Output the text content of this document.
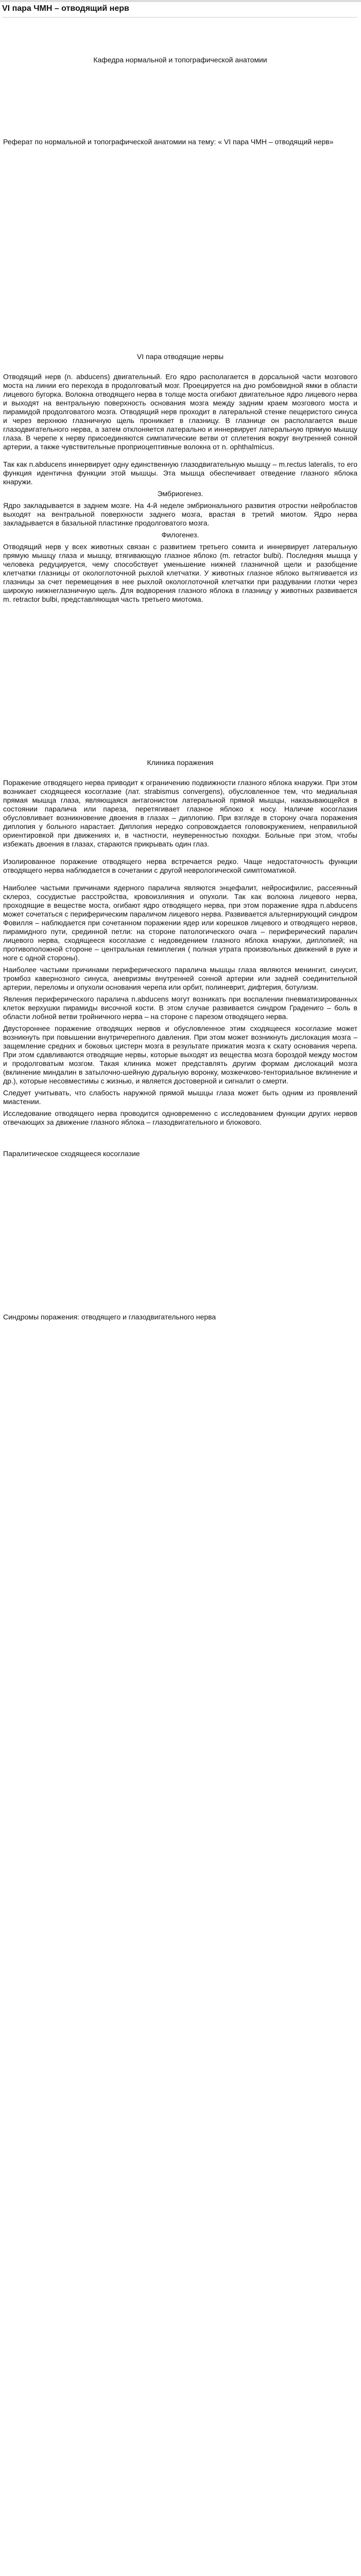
VI пара ЧМН – отводящий нерв

Кафедра нормальной и топографической анатомии

Реферат по нормальной и топографической анатомии на тему: « VI пара ЧМН – отводящий нерв»

VI пара отводящие нервы

Отводящий нерв (n. abducens) двигательный. Его ядро располагается в дорсальной части мозгового моста на линии его перехода в продолговатый мозг. Проецируется на дно ромбовидной ямки в области лицевого бугорка. Волокна отводящего нерва в толще моста огибают двигательное ядро лицевого нерва и выходят на вентральную поверхность основания мозга между задним краем мозгового моста и пирамидой продолговатого мозга. Отводящий нерв проходит в латеральной стенке пещеристого синуса и через верхнюю глазничную щель проникает в глазницу. В глазнице он располагается выше глазодвигательного нерва, а затем отклоняется латерально и иннервирует латеральную прямую мышцу глаза. В черепе к нерву присоединяются симпатические ветви от сплетения вокруг внутренней сонной артерии, а также чувствительные проприоцептивные волокна от n. ophthalmicus.

Так как n.abducens иннервирует одну единственную глазодвигательную мышцу – m.rectus lateralis, то его функция идентична функции этой мышцы. Эта мышца обеспечивает отведение глазного яблока кнаружи.

Эмбриогенез.

Ядро закладывается в заднем мозге. На 4-й неделе эмбрионального развития отростки нейробластов выходят на вентральной поверхности заднего мозга, врастая в третий миотом. Ядро нерва закладывается в базальной пластинке продолговатого мозга.

Филогенез.

Отводящий нерв у всех животных связан с развитием третьего сомита и иннервирует латеральную прямую мышцу глаза и мышцу, втягивающую глазное яблоко (m. retractor bulbi). Последняя мышца у человека редуцируется, чему способствует уменьшение нижней глазничной щели и разобщение клетчатки глазницы от окологлоточной рыхлой клетчатки. У животных глазное яблоко вытягивается из глазницы за счет перемещения в нее рыхлой окологлоточной клетчатки при раздувании глотки через широкую нижнеглазничную щель. Для водворения глазного яблока в глазницу у животных развивается m. retractor bulbi, представляющая часть третьего миотома.

Клиника поражения

Поражение отводящего нерва приводит к ограничению подвижности глазного яблока кнаружи. При этом возникает сходящееся косоглазие (лат. strabismus convergens), обусловленное тем, что медиальная прямая мышца глаза, являющаяся антагонистом латеральной прямой мышцы, наказывающейся в состоянии паралича или пареза, перетягивает глазное яблоко к носу. Наличие косоглазия обусловливает возникновение двоения в глазах – диплопию. При взгляде в сторону очага поражения диплопия у больного нарастает. Диплопия нередко сопровождается головокружением, неправильной ориентировкой при движениях и, в частности, неуверенностью походки. Больные при этом, чтобы избежать двоения в глазах, стараются прикрывать один глаз.

Изолированное поражение отводящего нерва встречается редко. Чаще недостаточность функции отводящего нерва наблюдается в сочетании с другой неврологической симптоматикой.

Наиболее частыми причинами ядерного паралича являются энцефалит, нейросифилис, рассеянный склероз, сосудистые расстройства, кровоизлияния и опухоли. Так как волокна лицевого нерва, проходящие в веществе моста, огибают ядро отводящего нерва, при этом поражение ядра n.abducens может сочетаться с периферическим параличом лицевого нерва. Развивается альтернирующий синдром Фовилля – наблюдается при сочетанном поражении ядер или корешков лицевого и отводящего нервов, пирамидного пути, срединной петли: на стороне патологического очага – периферический паралич лицевого нерва, сходящееся косоглазие с недоведением глазного яблока кнаружи, диплопией; на противоположной стороне – центральная гемиплегия ( полная утрата произвольных движений в руке и ноге с одной стороны).

Наиболее частыми причинами периферического паралича мышцы глаза являются менингит, синусит, тромбоз кавернозного синуса, аневризмы внутренней сонной артерии или задней соединительной артерии, переломы и опухоли основания черепа или орбит, полиневрит, дифтерия, ботулизм.

Явления периферического паралича n.abducens могут возникать при воспалении пневматизированных клеток верхушки пирамиды височной кости. В этом случае развивается синдром Градениго – боль в области лобной ветви тройничного нерва – на стороне с парезом отводящего нерва.

Двустороннее поражение отводящих нервов и обусловленное этим сходящееся косоглазие может возникнуть при повышении внутричерепного давления. При этом может возникнуть дислокация мозга – защемление средних и боковых цистерн мозга в результате прижатия мозга к скату основания черепа. При этом сдавливаются отводящие нервы, которые выходят из вещества мозга бороздой между мостом и продолговатым мозгом. Такая клиника может представлять другим формам дислокаций мозга (вклинение миндалин в затылочно-шейную дуральную воронку, мозжечково-тенториальное вклинение и др.), которые несовместимы с жизнью, и является достоверной и сигналит о смерти.

Следует учитывать, что слабость наружной прямой мышцы глаза может быть одним из проявлений миастении.

Исследование отводящего нерва проводится одновременно с исследованием функции других нервов отвечающих за движение глазного яблока – глазодвигательного и блокового.

Паралитическое сходящееся косоглазие

Синдромы поражения: отводящего и глазодвигательного нерва
